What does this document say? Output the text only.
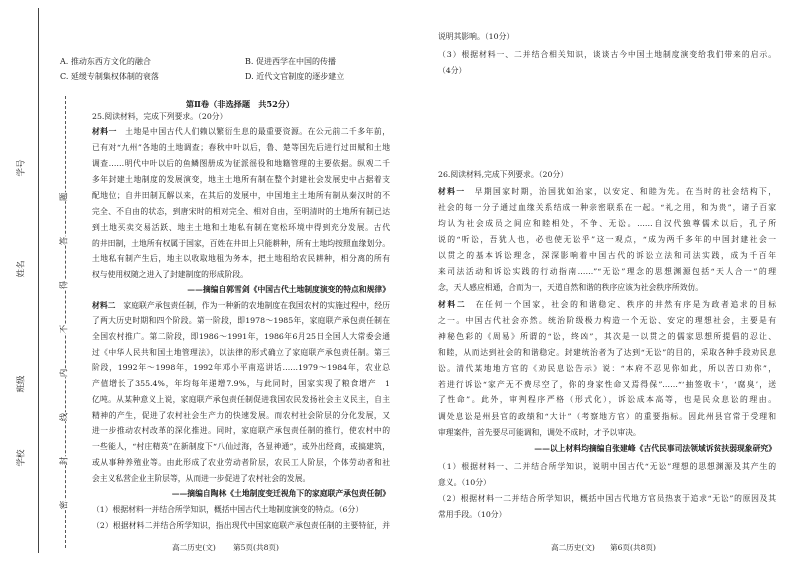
学号
姓名
班级
学校
密
封
线
内
不
得
答
题
A. 推动东西方文化的融合	B. 促进西学在中国的传播
C. 延缓专制集权体制的衰落	D. 近代文官制度的逐步建立
第Ⅱ卷（非选择题　共52分）
25.阅读材料，完成下列要求。（20分）
材料一　土地是中国古代人们赖以繁衍生息的最重要资源。在公元前二千多年前，
已有对“九州”各地的土地调查；春秋中叶以后，鲁、楚等国先后进行过田赋和土地
调查……明代中叶以后的鱼鳞图册成为征派徭役和地籍管理的主要依据。纵观二千
多年封建土地制度的发展演变，地主土地所有制在整个封建社会发展史中占据着支
配地位；自井田制瓦解以来，在其后的发展中，中国地主土地所有制从秦汉时的不
完全、不自由的状态，到唐宋时的相对完全、相对自由，至明清时的土地所有制已达
到土地买卖交易活跃、地主土地和土地私有制在宽松环境中得到充分发展。古代
的井田制，土地所有权属于国家，百姓在井田上只能耕种，所有土地均按照血缘划分。
土地私有制产生后，地主以收取地租为务本，把土地租给农民耕种，相分离的所有
权与使用权随之进入了封建制度的形成阶段。
——摘编自郭雪剑《中国古代土地制度演变的特点和规律》
材料二　家庭联产承包责任制，作为一种新的农地制度在我国农村的实施过程中，经历
了两大历史时期和四个阶段。第一阶段，即1978～1985年，家庭联产承包责任制在
全国农村推广。第二阶段，即1986～1991年，1986年6月25日全国人大常委会通
过《中华人民共和国土地管理法》，以法律的形式确立了家庭联产承包责任制。第三
阶段，1992年～1998年，1992年邓小平南巡讲话……1979～1984年，农业总
产值增长了355.4%，年均每年递增7.9%，与此同时，国家实现了粮食增产　1
亿吨。从某种意义上说，家庭联产承包责任制促进我国农民发扬社会主义民主，自主
精神的产生，促进了农村社会生产力的快速发展。而农村社会阶层的分化发展，又
进一步推动农村改革的深化推进。同时，家庭联产承包责任制的推行，使农村中的
一些能人，“村庄精英”在新制度下“八仙过海，各显神通”，或外出经商，或搞建筑，
或从事种养殖业等。由此形成了农业劳动者阶层，农民工人阶层，个体劳动者和社
会主义私营企业主阶层等，从而进一步促进了农村社会的发展。
——摘编自陶林《土地制度变迁视角下的家庭联产承包责任制》
（1）根据材料一并结合所学知识，概括中国古代土地制度演变的特点。（6分）
（2）根据材料二并结合所学知识，指出现代中国家庭联产承包责任制的主要特征，并
高二历史(文) 第5页(共8页)
说明其影响。（10分）
（3）根据材料一、二并结合相关知识，谈谈古今中国土地制度演变给我们带来的启示。
（4分）
26.阅读材料,完成下列要求。（20分）
材料一　早期国家时期，治国犹如治家，以安定、和睦为先。在当时的社会结构下，
社会的每一分子通过血缘关系结成一种亲密联系在一起。“礼之用，和为贵”，诸子百家
均认为社会成员之间应和睦相处，不争、无讼。……自汉代独尊儒术以后，孔子所
说的“听讼，吾犹人也，必也使无讼乎”这一观点，“成为两千多年的中国封建社会一
以贯之的基本诉讼理念，深深影响着中国古代的诉讼立法和司法实践，成为千百年
来司法活动和诉讼实践的行动指南……”“无讼”理念的思想渊源包括“天人合一”的理
念，天人感应相通，合而为一，天道自然和谐的秩序应该为社会秩序所效仿。
材料二　在任何一个国家，社会的和谐稳定、秩序的井然有序是为政者追求的目标
之一。中国古代社会亦然。统治阶级极力构造一个无讼、安定的理想社会，主要是有
神秘色彩的《周易》所谓的“讼，终凶”，其次是一以贯之的儒家思想所提倡的忍让、
和睦，从而达到社会的和谐稳定。封建统治者为了达到“无讼”的目的，采取各种手段劝民息
讼。清代某地地方官的《劝民息讼告示》说：“本府不忍见你如此，所以苦口劝你”，
若进行诉讼“家产无不费尽空了，你的身家性命又焉得保”……“‘抽签收卡’，‘腐臭’，送
了性命”。此外，审判程序严格（形式化），诉讼成本高等，也是民众息讼的理由。
调处息讼是州县官的政绩和“大计”（考察地方官）的重要指标。因此州县官常于受理和
审理案件，首先要尽可能调和，调处不成时，才予以审决。
——以上材料均摘编自张建峰《古代民事司法领域诉贫扶弱现象研究》
（1）根据材料一、二并结合所学知识，说明中国古代“无讼”理想的思想渊源及其产生的
意义。（10分）
（2）根据材料一二并结合所学知识，概括中国古代地方官员热衷于追求“无讼”的原因及其
常用手段。（10分）
高二历史(文) 第6页(共8页)
